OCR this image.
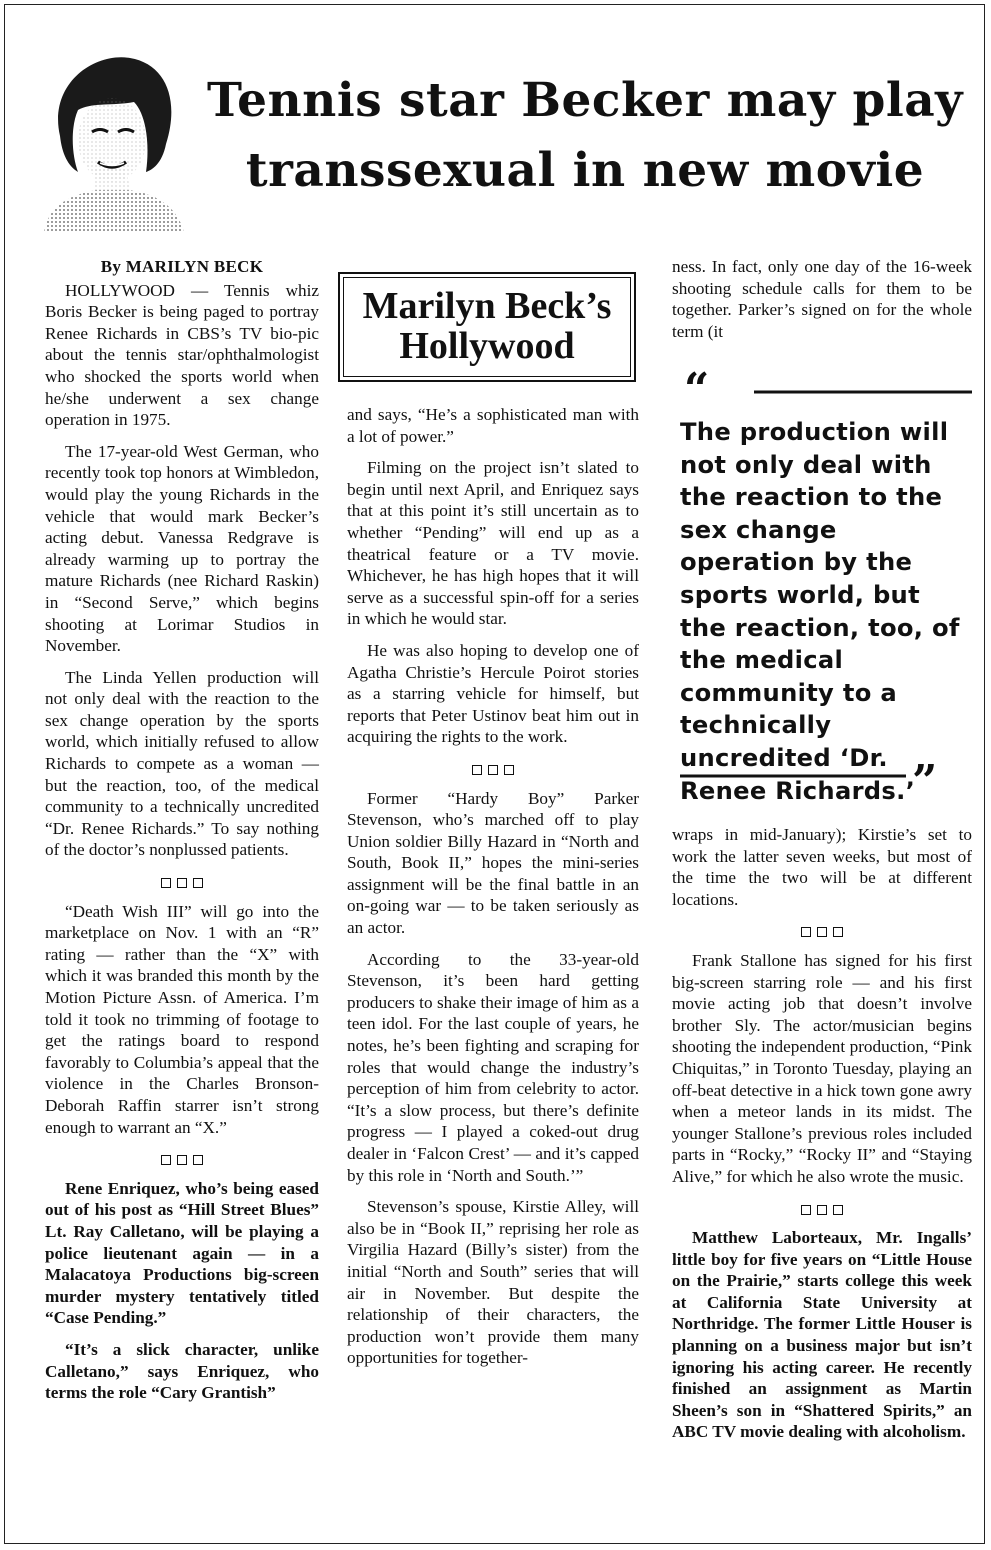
Tennis star Becker may play
transsexual in new movie
By MARILYN BECK

HOLLYWOOD — Tennis whiz Boris Becker is being paged to portray Renee Richards in CBS’s TV bio-pic about the tennis star/ophthalmologist who shocked the sports world when he/she underwent a sex change operation in 1975.

The 17-year-old West German, who recently took top honors at Wimbledon, would play the young Richards in the vehicle that would mark Becker’s acting debut. Vanessa Redgrave is already warming up to portray the mature Richards (nee Richard Raskin) in “Second Serve,” which begins shooting at Lorimar Studios in November.

The Linda Yellen production will not only deal with the reaction to the sex change operation by the sports world, which initially refused to allow Richards to compete as a woman — but the reaction, too, of the medical community to a technically uncredited “Dr. Renee Richards.” To say nothing of the doctor’s nonplussed patients.

“Death Wish III” will go into the marketplace on Nov. 1 with an “R” rating — rather than the “X” with which it was branded this month by the Motion Picture Assn. of America. I’m told it took no trimming of footage to get the ratings board to respond favorably to Columbia’s appeal that the violence in the Charles Bronson-Deborah Raffin starrer isn’t strong enough to warrant an “X.”

Rene Enriquez, who’s being eased out of his post as “Hill Street Blues” Lt. Ray Calletano, will be playing a police lieutenant again — in a Malacatoya Productions big-screen murder mystery tentatively titled “Case Pending.”

“It’s a slick character, unlike Calletano,” says Enriquez, who terms the role “Cary Grantish”

Marilyn Beck’s
Hollywood

and says, “He’s a sophisticated man with a lot of power.”

Filming on the project isn’t slated to begin until next April, and Enriquez says that at this point it’s still uncertain as to whether “Pending” will end up as a theatrical feature or a TV movie. Whichever, he has high hopes that it will serve as a successful spin-off for a series in which he would star.

He was also hoping to develop one of Agatha Christie’s Hercule Poirot stories as a starring vehicle for himself, but reports that Peter Ustinov beat him out in acquiring the rights to the work.

Former “Hardy Boy” Parker Stevenson, who’s marched off to play Union soldier Billy Hazard in “North and South, Book II,” hopes the mini-series assignment will be the final battle in an on-going war — to be taken seriously as an actor.

According to the 33-year-old Stevenson, it’s been hard getting producers to shake their image of him as a teen idol. For the last couple of years, he notes, he’s been fighting and scraping for roles that would change the industry’s perception of him from celebrity to actor. “It’s a slow process, but there’s definite progress — I played a coked-out drug dealer in ‘Falcon Crest’ — and it’s capped by this role in ‘North and South.’”

Stevenson’s spouse, Kirstie Alley, will also be in “Book II,” reprising her role as Virgilia Hazard (Billy’s sister) from the initial “North and South” series that will air in November. But despite the relationship of their characters, the production won’t provide them many opportunities for together-

ness. In fact, only one day of the 16-week shooting schedule calls for them to be together. Parker’s signed on for the whole term (it

“
The production will not only deal with the reaction to the sex change operation by the sports world, but the reaction, too, of the medical community to a technically uncredited ‘Dr. Renee Richards.’
”

wraps in mid-January); Kirstie’s set to work the latter seven weeks, but most of the time the two will be at different locations.

Frank Stallone has signed for his first big-screen starring role — and his first movie acting job that doesn’t involve brother Sly. The actor/musician begins shooting the independent production, “Pink Chiquitas,” in Toronto Tuesday, playing an off-beat detective in a hick town gone awry when a meteor lands in its midst. The younger Stallone’s previous roles included parts in “Rocky,” “Rocky II” and “Staying Alive,” for which he also wrote the music.

Matthew Laborteaux, Mr. Ingalls’ little boy for five years on “Little House on the Prairie,” starts college this week at California State University at Northridge. The former Little Houser is planning on a business major but isn’t ignoring his acting career. He recently finished an assignment as Martin Sheen’s son in “Shattered Spirits,” an ABC TV movie dealing with alcoholism.
